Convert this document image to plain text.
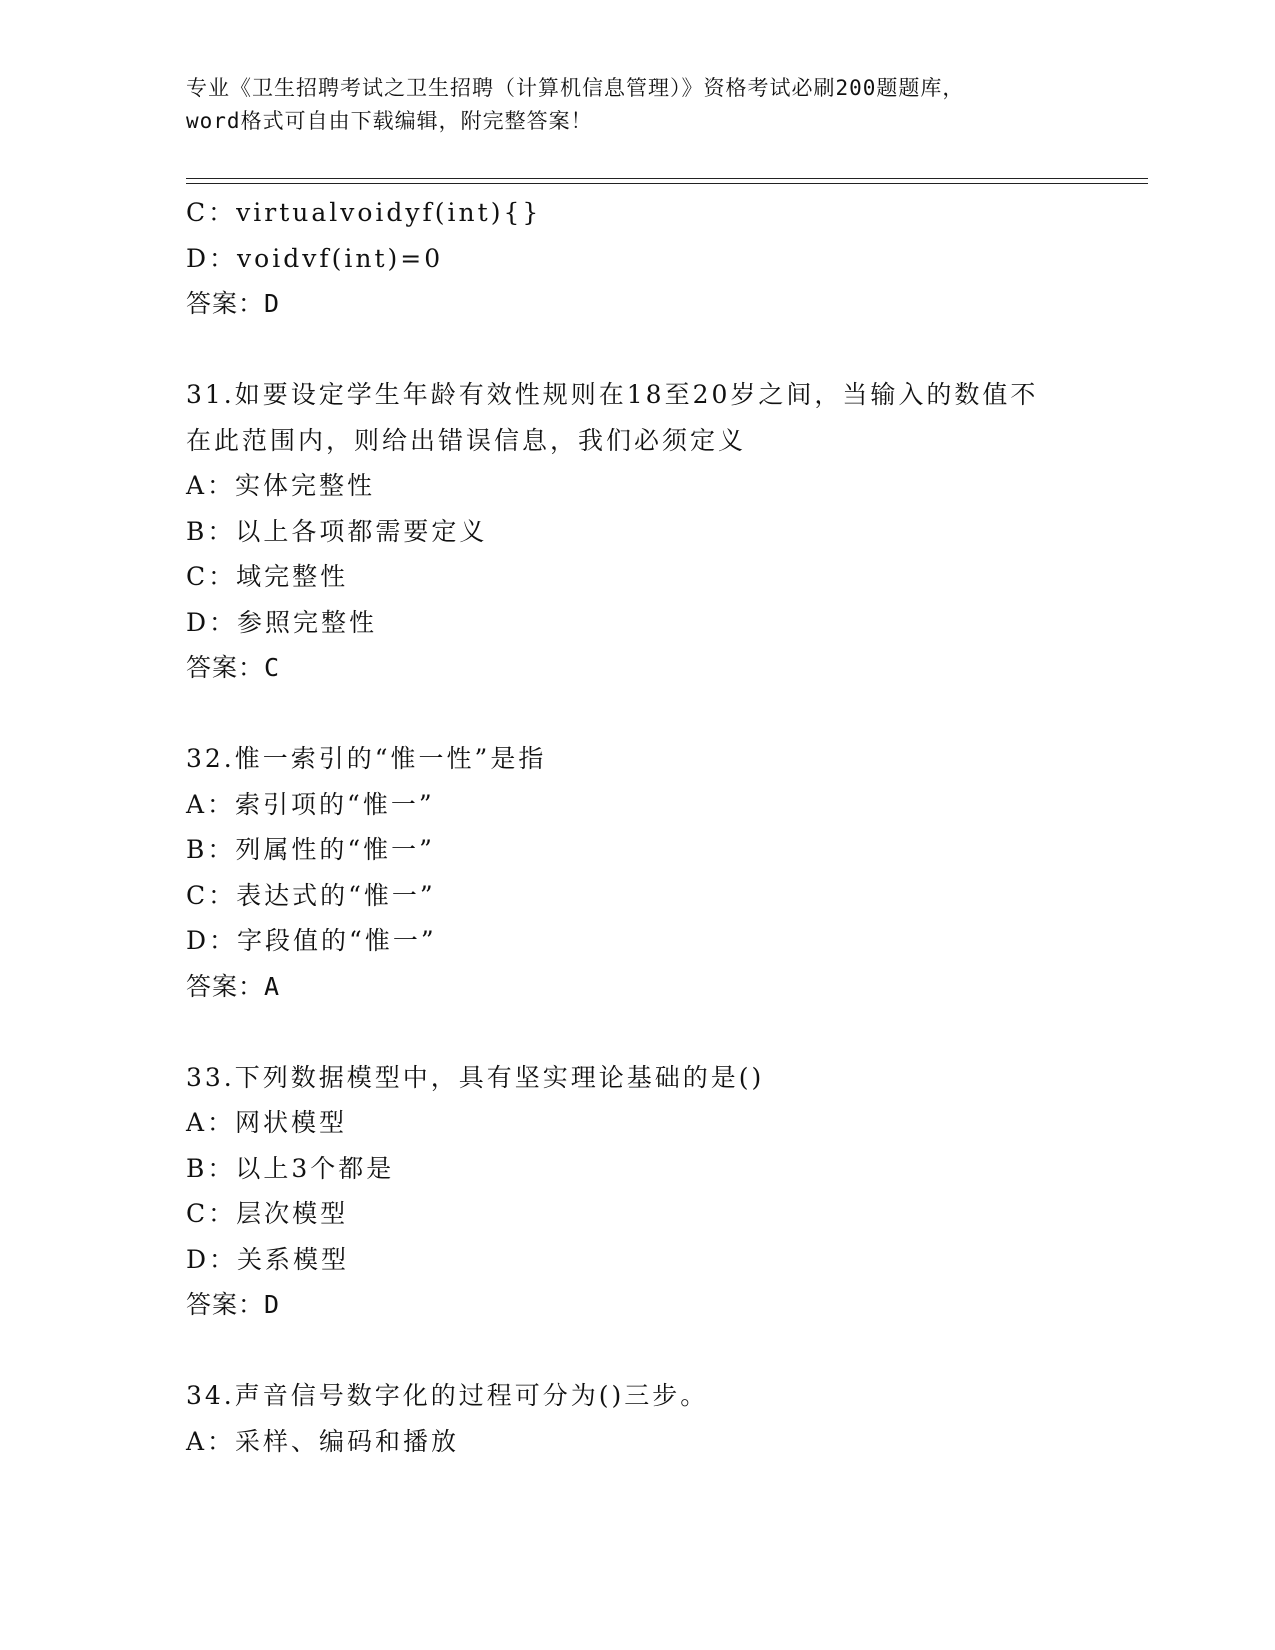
专业《卫生招聘考试之卫生招聘（计算机信息管理）》资格考试必刷200题题库，
word格式可自由下载编辑，附完整答案！
C：virtualvoidyf(int){}
D：voidvf(int)=0
答案：D
31.如要设定学生年龄有效性规则在18至20岁之间，当输入的数值不
在此范围内，则给出错误信息，我们必须定义
A：实体完整性
B：以上各项都需要定义
C：域完整性
D：参照完整性
答案：C
32.惟一索引的“惟一性”是指
A：索引项的“惟一”
B：列属性的“惟一”
C：表达式的“惟一”
D：字段值的“惟一”
答案：A
33.下列数据模型中，具有坚实理论基础的是()
A：网状模型
B：以上3个都是
C：层次模型
D：关系模型
答案：D
34.声音信号数字化的过程可分为()三步。
A：采样、编码和播放
